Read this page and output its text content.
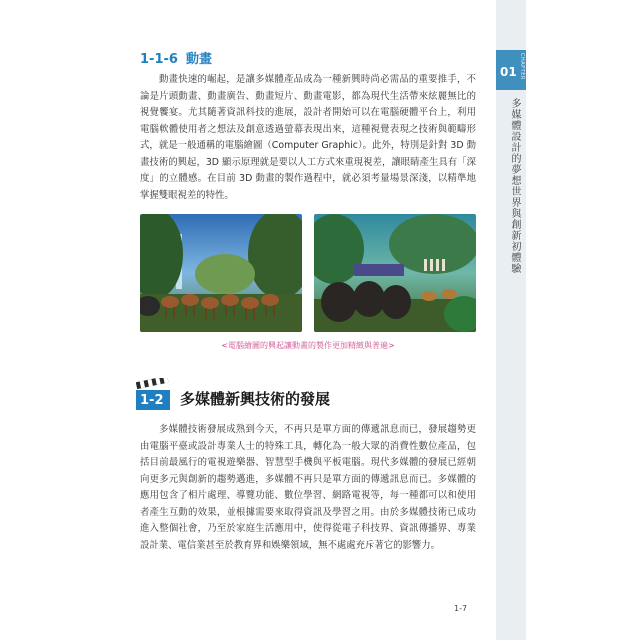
CHAPTER
01
多媒體設計的夢想世界與創新初體驗
1-1-6 動畫

動畫快速的崛起，是讓多媒體產品成為一種新興時尚必需品的重要推手，不論是片頭動畫、動畫廣告、動畫短片、動畫電影，都為現代生活帶來炫麗無比的視覺饗宴。尤其隨著資訊科技的進展，設計者開始可以在電腦硬體平台上，利用電腦軟體使用者之想法及創意透過螢幕表現出來，這種視覺表現之技術與範疇形式，就是一般通稱的電腦繪圖（Computer Graphic）。此外，特別是針對 3D 動畫技術的興起，3D 顯示原理就是要以人工方式來重現視差，讓眼睛產生具有「深度」的立體感。在目前 3D 動畫的製作過程中，就必須考量場景深淺，以精準地掌握雙眼視差的特性。

<電腦繪圖的興起讓動畫的製作更加精緻與普遍>
1-2 多媒體新興技術的發展

多媒體技術發展成熟到今天，不再只是單方面的傳遞訊息而已，發展趨勢更由電腦平臺或設計專業人士的特殊工具，轉化為一般大眾的消費性數位產品，包括目前最風行的電視遊樂器、智慧型手機與平板電腦。現代多媒體的發展已經朝向更多元與創新的趨勢邁進，多媒體不再只是單方面的傳遞訊息而已。多媒體的應用包含了相片處理、導覽功能、數位學習、網路電視等，每一種都可以和使用者產生互動的效果，並根據需要來取得資訊及學習之用。由於多媒體技術已成功進入整個社會，乃至於家庭生活應用中，使得從電子科技界、資訊傳播界、專業設計業、電信業甚至於教育界和娛樂領域，無不處處充斥著它的影響力。

1-7
